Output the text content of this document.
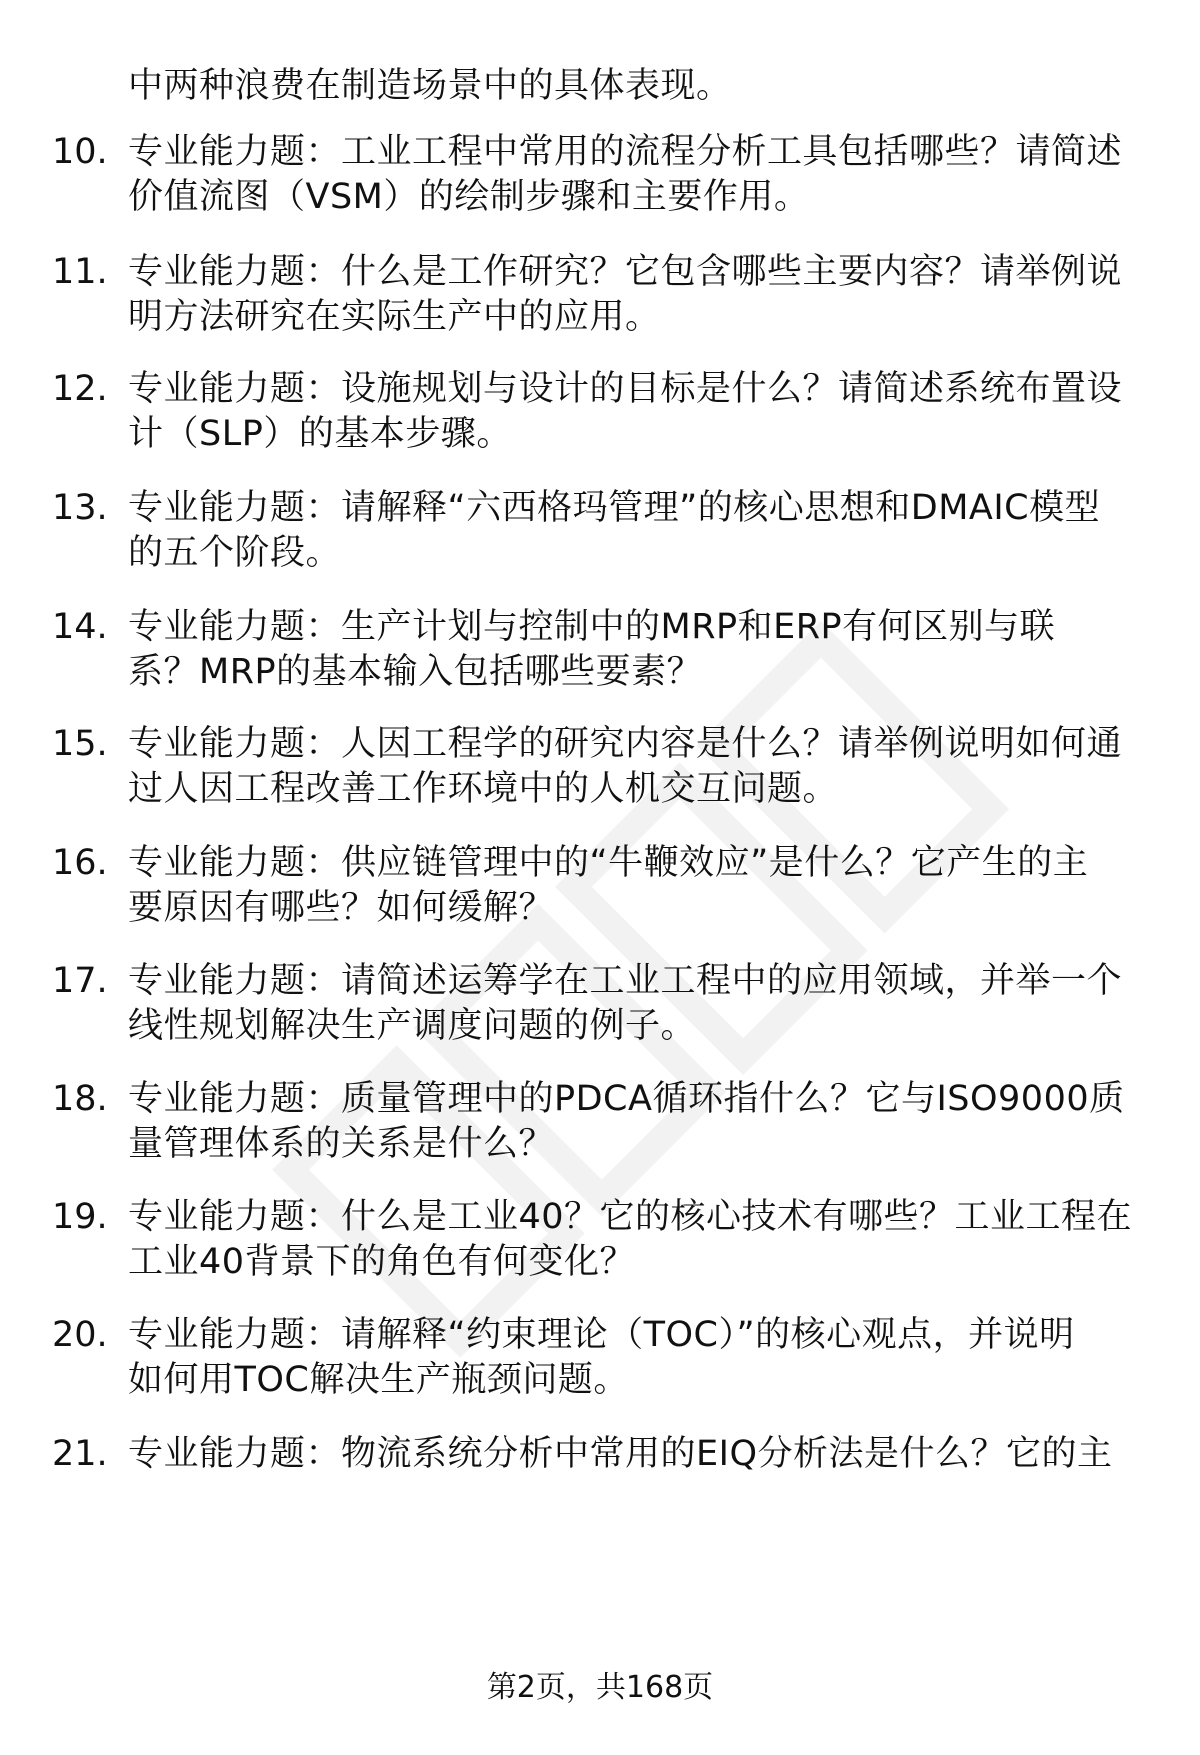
中两种浪费在制造场景中的具体表现。
10. 专业能力题：工业工程中常用的流程分析工具包括哪些？请简述
价值流图（VSM）的绘制步骤和主要作用。
11. 专业能力题：什么是工作研究？它包含哪些主要内容？请举例说
明方法研究在实际生产中的应用。
12. 专业能力题：设施规划与设计的目标是什么？请简述系统布置设
计（SLP）的基本步骤。
13. 专业能力题：请解释“六西格玛管理”的核心思想和DMAIC模型
的五个阶段。
14. 专业能力题：生产计划与控制中的MRP和ERP有何区别与联
系？MRP的基本输入包括哪些要素？
15. 专业能力题：人因工程学的研究内容是什么？请举例说明如何通
过人因工程改善工作环境中的人机交互问题。
16. 专业能力题：供应链管理中的“牛鞭效应”是什么？它产生的主
要原因有哪些？如何缓解？
17. 专业能力题：请简述运筹学在工业工程中的应用领域，并举一个
线性规划解决生产调度问题的例子。
18. 专业能力题：质量管理中的PDCA循环指什么？它与ISO9000质
量管理体系的关系是什么？
19. 专业能力题：什么是工业40？它的核心技术有哪些？工业工程在
工业40背景下的角色有何变化？
20. 专业能力题：请解释“约束理论（TOC）”的核心观点，并说明
如何用TOC解决生产瓶颈问题。
21. 专业能力题：物流系统分析中常用的EIQ分析法是什么？它的主
第2页，共168页
